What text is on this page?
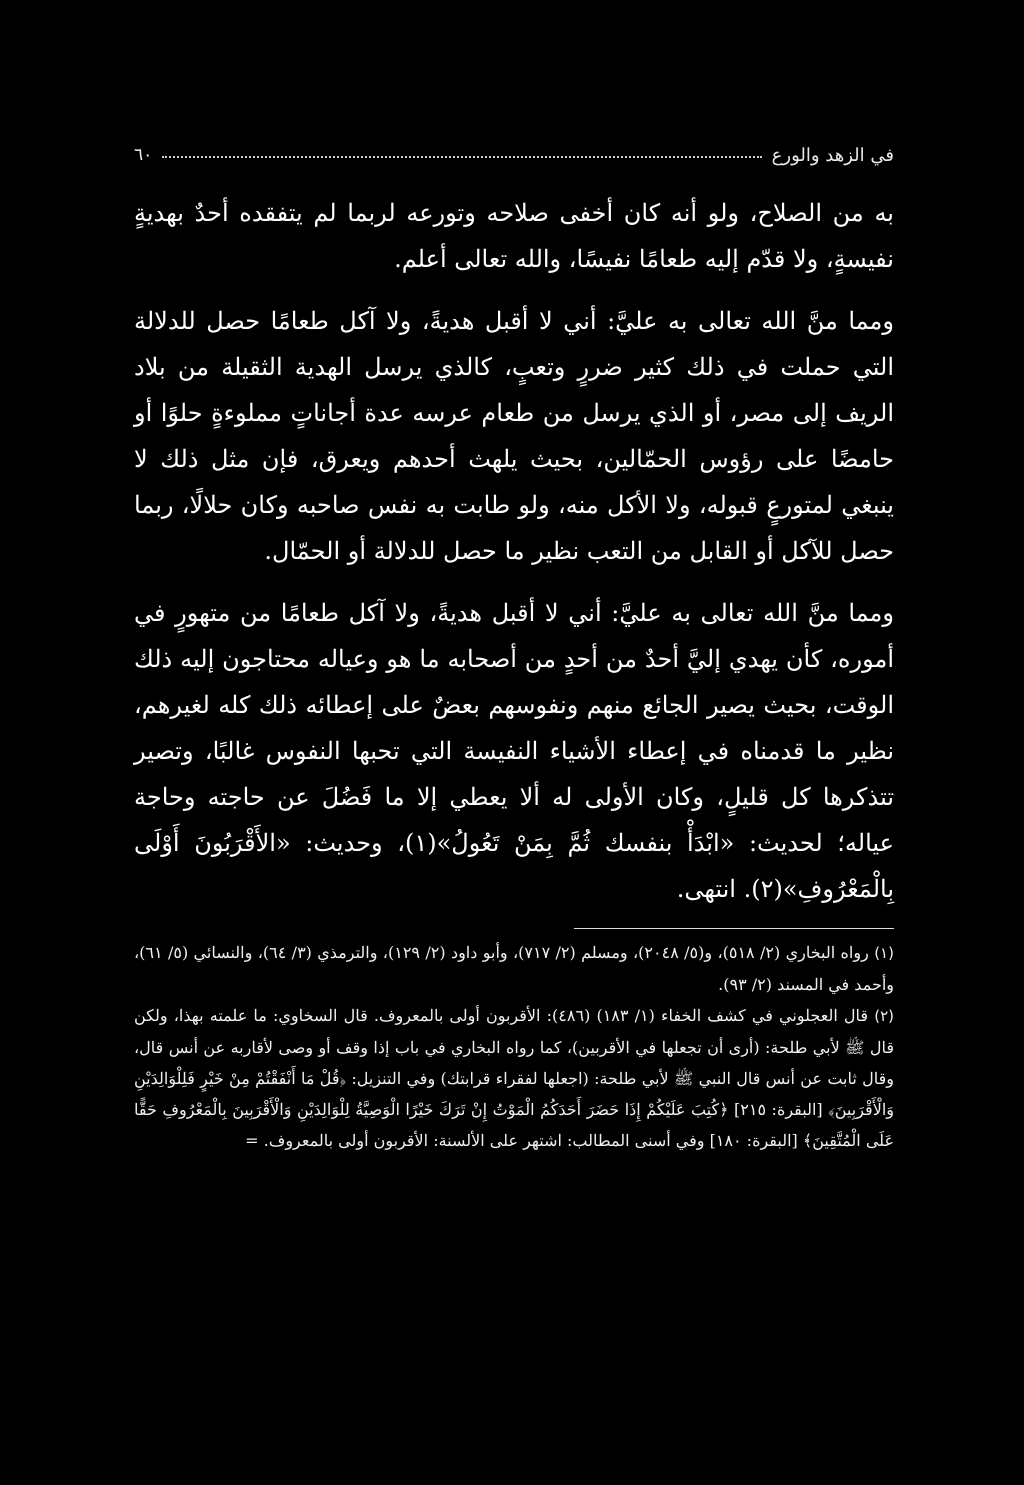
في الزهد والورع
٦٠

به من الصلاح، ولو أنه كان أخفى صلاحه وتورعه لربما لم يتفقده أحدٌ بهديةٍ نفيسةٍ، ولا قدّم إليه طعامًا نفيسًا، والله تعالى أعلم.

ومما منَّ الله تعالى به عليَّ: أني لا أقبل هديةً، ولا آكل طعامًا حصل للدلالة التي حملت في ذلك كثير ضررٍ وتعبٍ، كالذي يرسل الهدية الثقيلة من بلاد الريف إلى مصر، أو الذي يرسل من طعام عرسه عدة أجاناتٍ مملوءةٍ حلوًا أو حامضًا على رؤوس الحمّالين، بحيث يلهث أحدهم ويعرق، فإن مثل ذلك لا ينبغي لمتورعٍ قبوله، ولا الأكل منه، ولو طابت به نفس صاحبه وكان حلالًا، ربما حصل للآكل أو القابل من التعب نظير ما حصل للدلالة أو الحمّال.

ومما منَّ الله تعالى به عليَّ: أني لا أقبل هديةً، ولا آكل طعامًا من متهورٍ في أموره، كأن يهدي إليَّ أحدٌ من أحدٍ من أصحابه ما هو وعياله محتاجون إليه ذلك الوقت، بحيث يصير الجائع منهم ونفوسهم بعضٌ على إعطائه ذلك كله لغيرهم، نظير ما قدمناه في إعطاء الأشياء النفيسة التي تحبها النفوس غالبًا، وتصير تتذكرها كل قليلٍ، وكان الأولى له ألا يعطي إلا ما فَضُلَ عن حاجته وحاجة عياله؛ لحديث: «ابْدَأْ بنفسك ثُمَّ بِمَنْ تَعُولُ»(١)، وحديث: «الأَقْرَبُونَ أَوْلَى بِالْمَعْرُوفِ»(٢). انتهى.

(١) رواه البخاري (٢/ ٥١٨)، و(٥/ ٢٠٤٨)، ومسلم (٢/ ٧١٧)، وأبو داود (٢/ ١٢٩)، والترمذي (٣/ ٦٤)، والنسائي (٥/ ٦١)، وأحمد في المسند (٢/ ٩٣).

(٢) قال العجلوني في كشف الخفاء (١/ ١٨٣) (٤٨٦): الأقربون أولى بالمعروف. قال السخاوي: ما علمته بهذا، ولكن قال ﷺ لأبي طلحة: (أرى أن تجعلها في الأقربين)، كما رواه البخاري في باب إذا وقف أو وصى لأقاربه عن أنس قال، وقال ثابت عن أنس قال النبي ﷺ لأبي طلحة: (اجعلها لفقراء قرابتك) وفي التنزيل: ﴿قُلْ مَا أَنْفَقْتُمْ مِنْ خَيْرٍ فَلِلْوَالِدَيْنِ وَالْأَقْرَبِينَ﴾ [البقرة: ٢١٥] ﴿كُتِبَ عَلَيْكُمْ إِذَا حَضَرَ أَحَدَكُمُ الْمَوْتُ إِنْ تَرَكَ خَيْرًا الْوَصِيَّةُ لِلْوَالِدَيْنِ وَالْأَقْرَبِينَ بِالْمَعْرُوفِ حَقًّا عَلَى الْمُتَّقِينَ﴾ [البقرة: ١٨٠] وفي أسنى المطالب: اشتهر على الألسنة: الأقربون أولى بالمعروف. =
